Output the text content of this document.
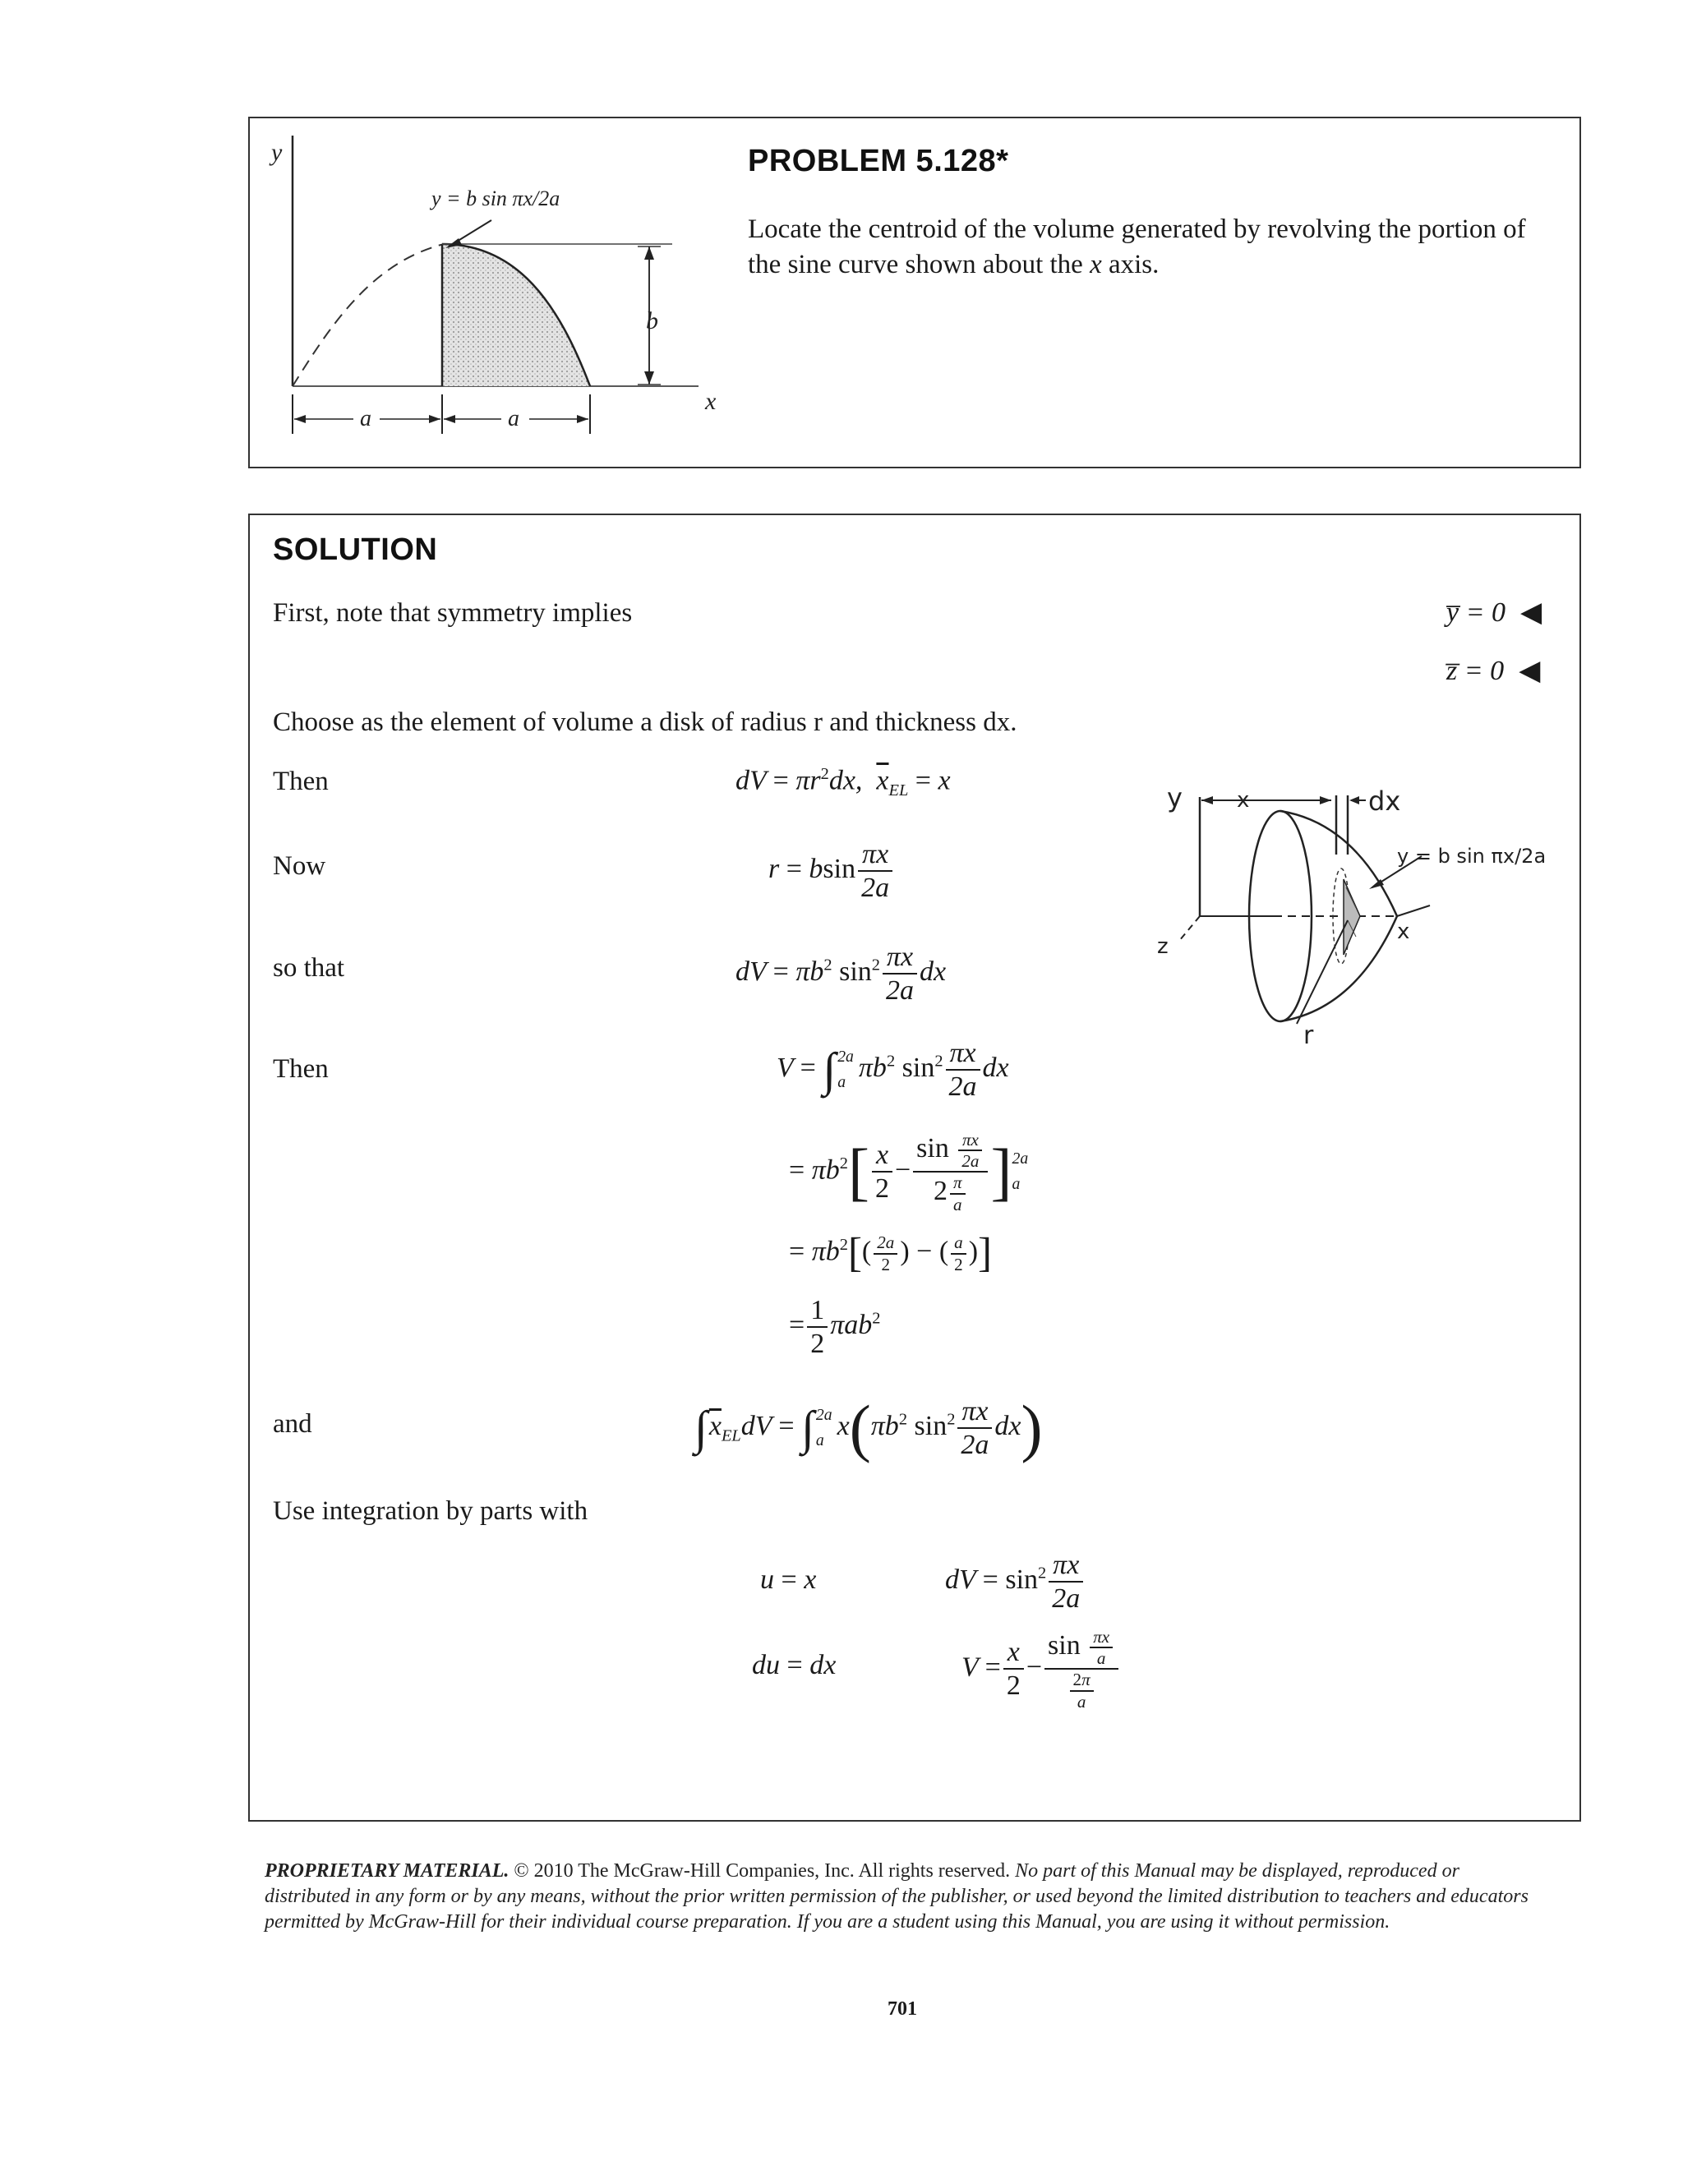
b
y
x
y = b sin πx/2a
a	a
PROBLEM 5.128*
Locate the centroid of the volume generated by revolving the portion of the sine curve shown about the x axis.
SOLUTION
First, note that symmetry implies	y̅ = 0 ◀
z̅ = 0 ◀
Choose as the element of volume a disk of radius r and thickness dx.
Then
Now
so that
Then
and
Use integration by parts with
dV = $\pi r^2dx$,  $\overline{x}_{EL} = x$
r = bsin $\frac{\pi x}{2a}$
dV = $\pi b^2$ $\sin^2 \frac{\pi x}{2a}$ dx
V = ∫ 2a
a $\pi b^2$ $\sin^2 \frac{\pi x}{2a}$ dx
= $\pi b^2[ \frac{x}{2} - \frac{\sin \frac{\pi x}{2a}}{2 \frac{\pi}{a}}$ ] 2a
a
= $\pi b^2[( \frac{2a}{2}$ ) − ( $\frac{a}{2}$ )]
= $\frac{1}{2} \pi ab^2$
$\int\overline{x}_{EL}dV$ = ∫ 2a
a $x(\pi b^2$ $\sin^2 \frac{\pi x}{2a} dx$)
u = x	dV = $\sin^2 \frac{\pi x}{2a}$
du = dx	$V = \frac{x}{2} - \frac{\sin \frac{\pi x}{a}}{\frac{2\pi}{a}}$
y	x	dx
y = b sin πx/2a
x
z
r
PROPRIETARY MATERIAL. © 2010 The McGraw-Hill Companies, Inc. All rights reserved. No part of this Manual may be displayed, reproduced or distributed in any form or by any means, without the prior written permission of the publisher, or used beyond the limited distribution to teachers and educators permitted by McGraw-Hill for their individual course preparation. If you are a student using this Manual, you are using it without permission.
701
